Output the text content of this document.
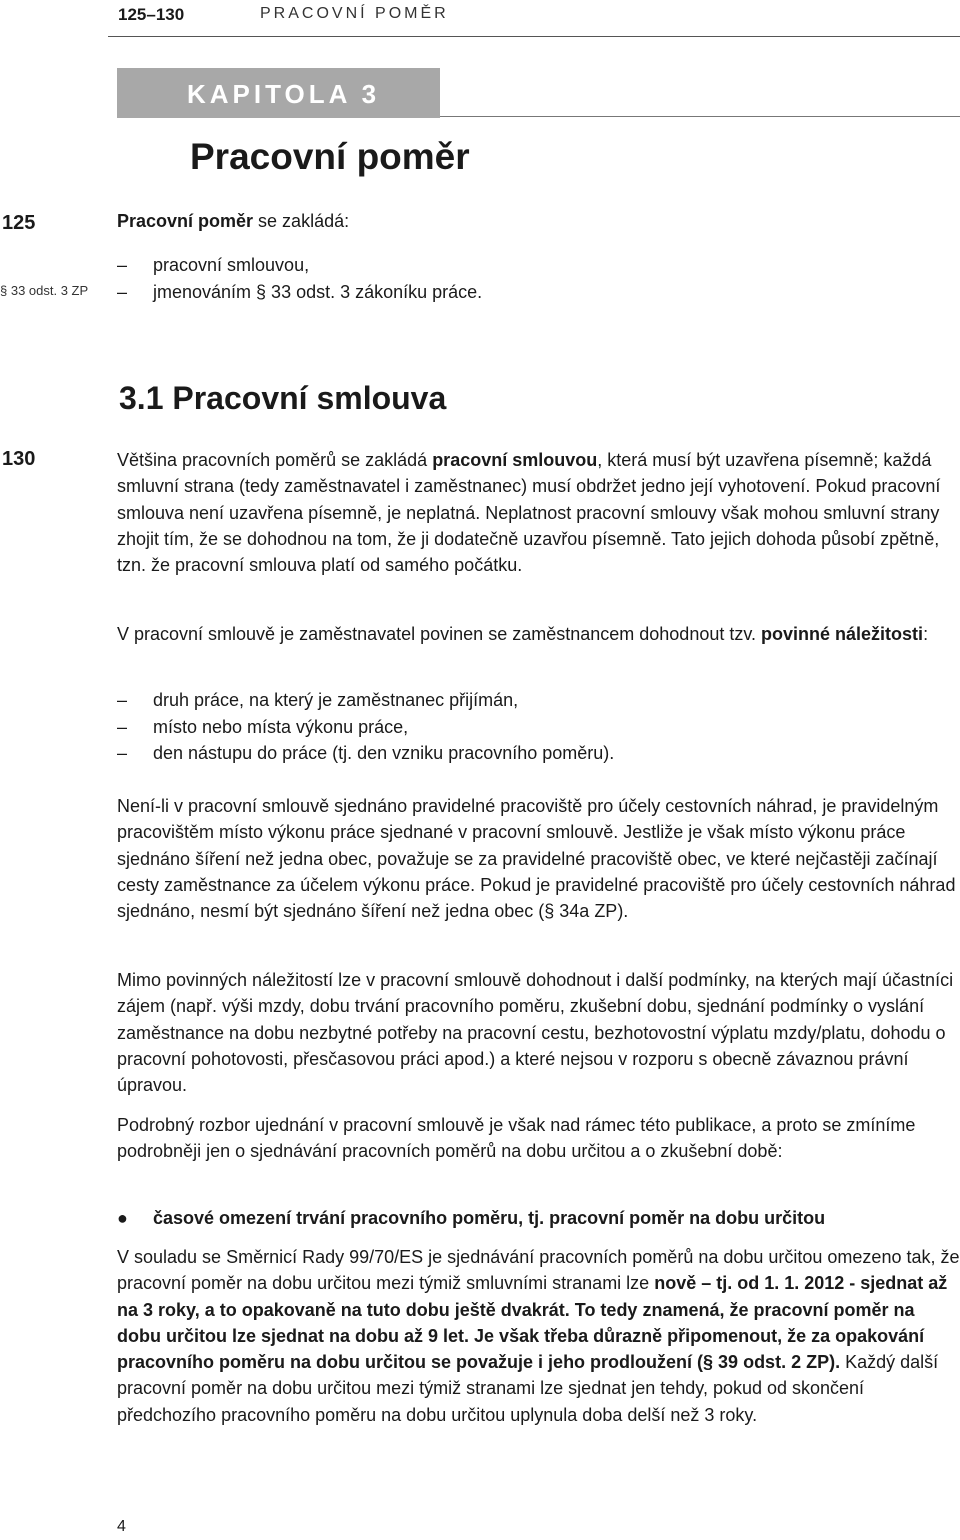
125–130	PRACOVNÍ POMĚR
KAPITOLA 3
Pracovní poměr
125
§ 33 odst. 3 ZP
130

Pracovní poměr se zakládá:

– pracovní smlouvou,
– jmenováním § 33 odst. 3 zákoníku práce.
3.1 Pracovní smlouva

Většina pracovních poměrů se zakládá pracovní smlouvou, která musí být uzavřena písemně; každá smluvní strana (tedy zaměstnavatel i zaměstnanec) musí obdržet jedno její vyhotovení. Pokud pracovní smlouva není uzavřena písemně, je neplatná. Neplatnost pracovní smlouvy však mohou smluvní strany zhojit tím, že se dohodnou na tom, že ji dodatečně uzavřou písemně. Tato jejich dohoda působí zpětně, tzn. že pracovní smlouva platí od samého počátku.

V pracovní smlouvě je zaměstnavatel povinen se zaměstnancem dohodnout tzv. povinné náležitosti:

– druh práce, na který je zaměstnanec přijímán,
– místo nebo místa výkonu práce,
– den nástupu do práce (tj. den vzniku pracovního poměru).

Není-li v pracovní smlouvě sjednáno pravidelné pracoviště pro účely cestovních náhrad, je pravidelným pracovištěm místo výkonu práce sjednané v pracovní smlouvě. Jestliže je však místo výkonu práce sjednáno šíření než jedna obec, považuje se za pravidelné pracoviště obec, ve které nejčastěji začínají cesty zaměstnance za účelem výkonu práce. Pokud je pravidelné pracoviště pro účely cestovních náhrad sjednáno, nesmí být sjednáno šíření než jedna obec (§ 34a ZP).

Mimo povinných náležitostí lze v pracovní smlouvě dohodnout i další podmínky, na kterých mají účastníci zájem (např. výši mzdy, dobu trvání pracovního poměru, zkušební dobu, sjednání podmínky o vyslání zaměstnance na dobu nezbytné potřeby na pracovní cestu, bezhotovostní výplatu mzdy/platu, dohodu o pracovní pohotovosti, přesčasovou práci apod.) a které nejsou v rozporu s obecně závaznou právní úpravou.

Podrobný rozbor ujednání v pracovní smlouvě je však nad rámec této publikace, a proto se zmíníme podrobněji jen o sjednávání pracovních poměrů na dobu určitou a o zkušební době:

● časové omezení trvání pracovního poměru, tj. pracovní poměr na dobu určitou

V souladu se Směrnicí Rady 99/70/ES je sjednávání pracovních poměrů na dobu určitou omezeno tak, že pracovní poměr na dobu určitou mezi týmiž smluvními stranami lze nově – tj. od 1. 1. 2012 - sjednat až na 3 roky, a to opakovaně na tuto dobu ještě dvakrát. To tedy znamená, že pracovní poměr na dobu určitou lze sjednat na dobu až 9 let. Je však třeba důrazně připomenout, že za opakování pracovního poměru na dobu určitou se považuje i jeho prodloužení (§ 39 odst. 2 ZP). Každý další pracovní poměr na dobu určitou mezi týmiž stranami lze sjednat jen tehdy, pokud od skončení předchozího pracovního poměru na dobu určitou uplynula doba delší než 3 roky.

4
